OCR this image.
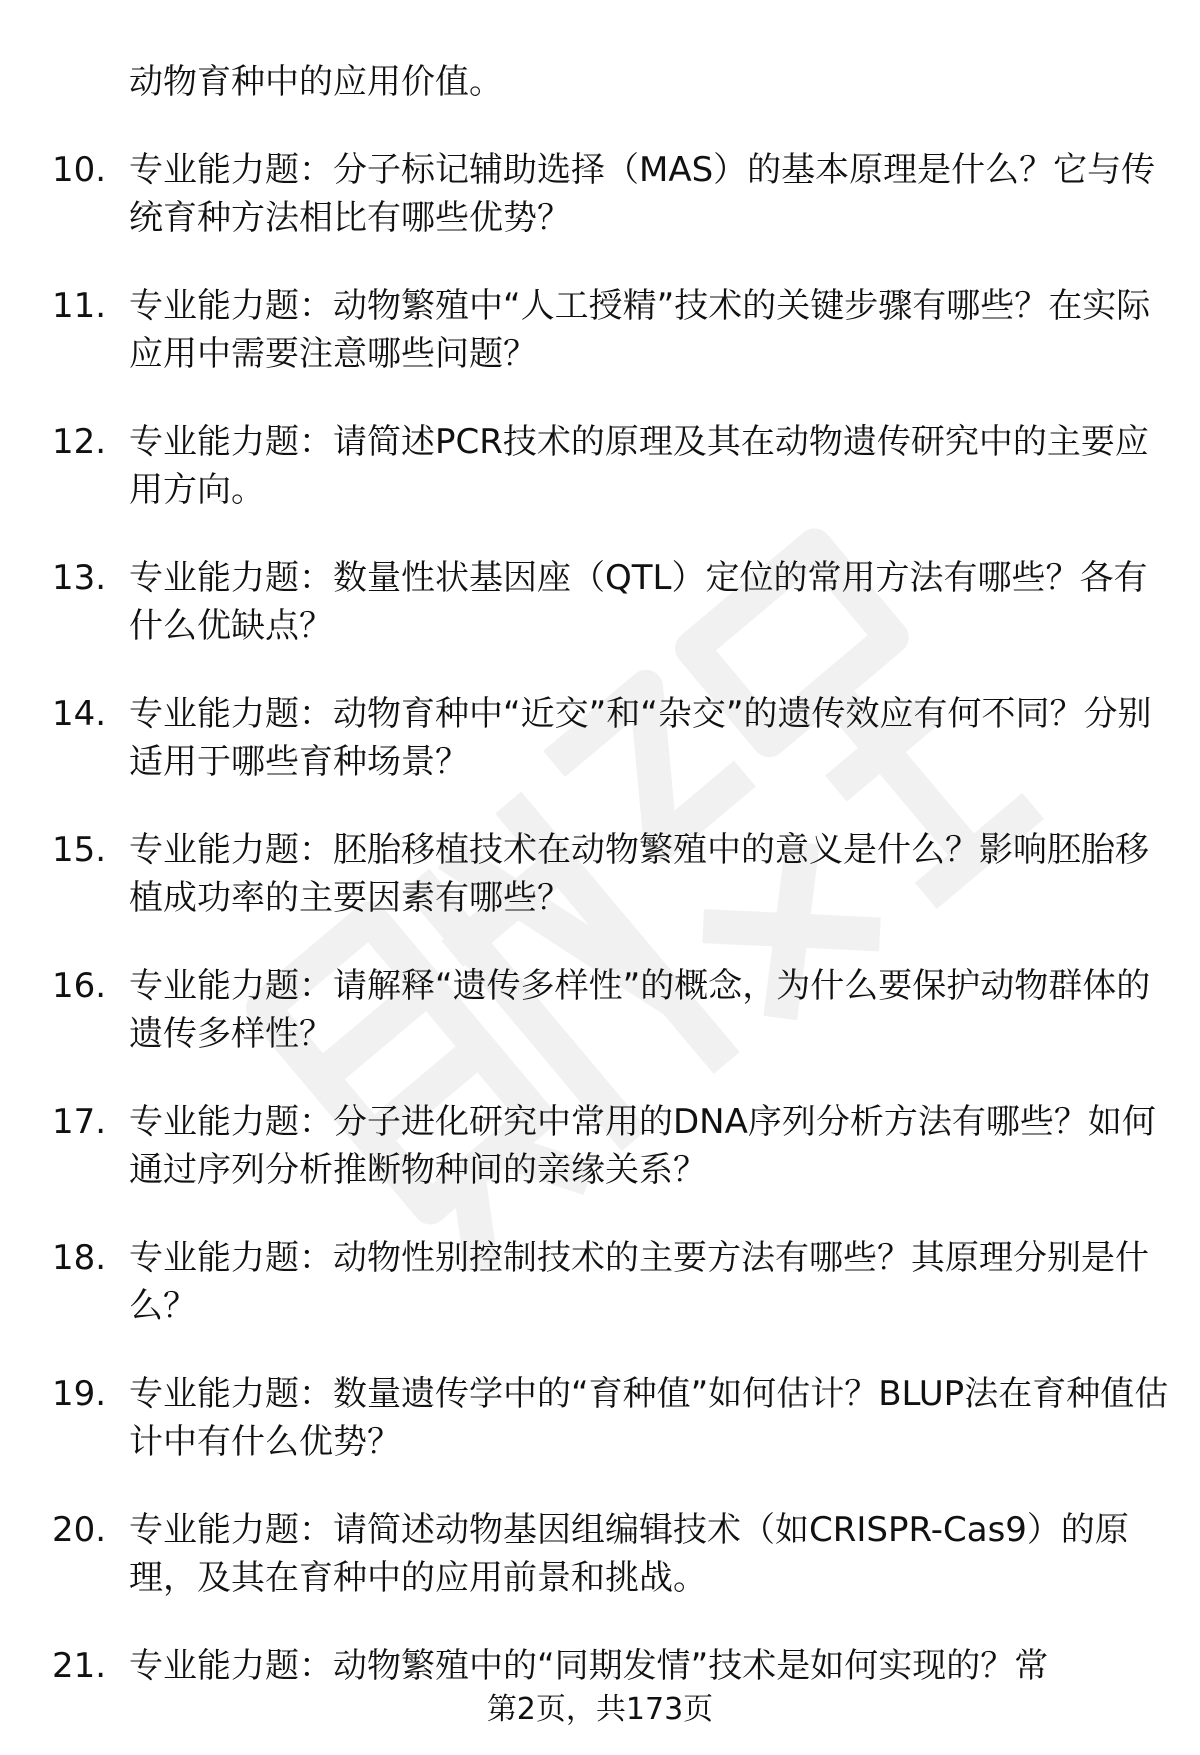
动物育种中的应用价值。
10. 专业能力题：分子标记辅助选择（MAS）的基本原理是什么？它与传统育种方法相比有哪些优势？
11. 专业能力题：动物繁殖中“人工授精”技术的关键步骤有哪些？在实际应用中需要注意哪些问题？
12. 专业能力题：请简述PCR技术的原理及其在动物遗传研究中的主要应用方向。
13. 专业能力题：数量性状基因座（QTL）定位的常用方法有哪些？各有什么优缺点？
14. 专业能力题：动物育种中“近交”和“杂交”的遗传效应有何不同？分别适用于哪些育种场景？
15. 专业能力题：胚胎移植技术在动物繁殖中的意义是什么？影响胚胎移植成功率的主要因素有哪些？
16. 专业能力题：请解释“遗传多样性”的概念，为什么要保护动物群体的遗传多样性？
17. 专业能力题：分子进化研究中常用的DNA序列分析方法有哪些？如何通过序列分析推断物种间的亲缘关系？
18. 专业能力题：动物性别控制技术的主要方法有哪些？其原理分别是什么？
19. 专业能力题：数量遗传学中的“育种值”如何估计？BLUP法在育种值估计中有什么优势？
20. 专业能力题：请简述动物基因组编辑技术（如CRISPR-Cas9）的原理，及其在育种中的应用前景和挑战。
21. 专业能力题：动物繁殖中的“同期发情”技术是如何实现的？常
第2页，共173页
